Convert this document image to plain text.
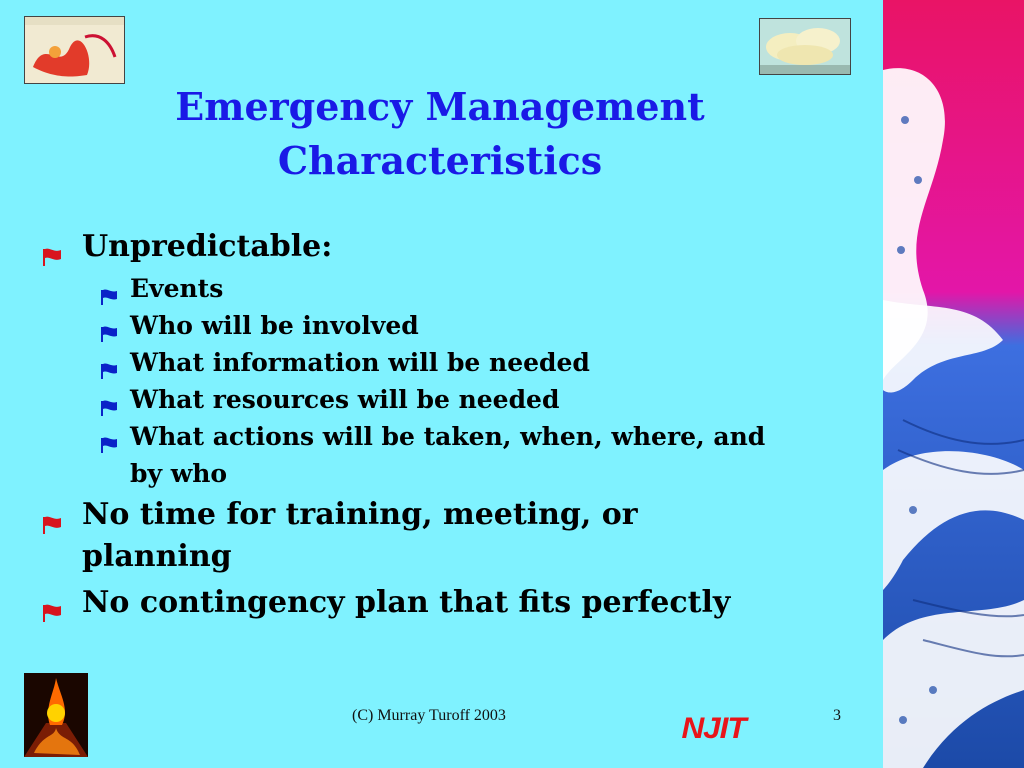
Emergency Management
Characteristics
Unpredictable:
Events
Who will be involved
What information will be needed
What resources will be needed
What actions will be taken, when, where, and by who
No time for training, meeting, or planning
No contingency plan that fits perfectly
(C) Murray Turoff 2003	NJIT	3
